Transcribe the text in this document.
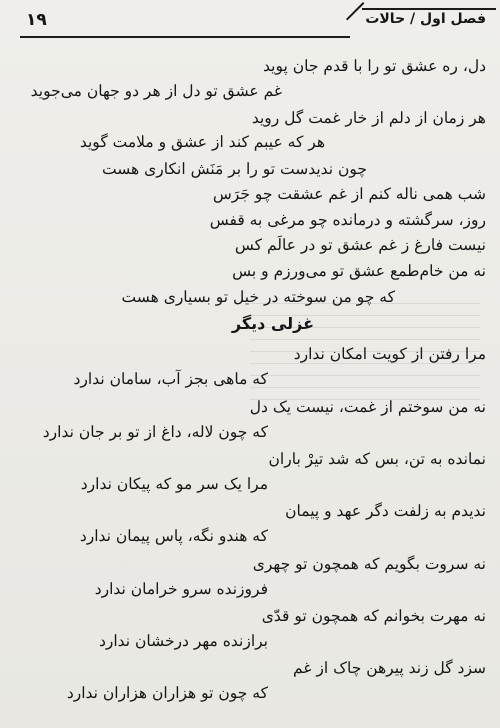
۱۹	فصل اول / حالات
دل، ره عشق تو را با قدم جان پوید
غم عشق تو دل از هر دو جهان می‌جوید
هر زمان از دلم از خار غمت گل روید
هر که عیبم کند از عشق و ملامت گوید
چون ندیدست تو را بر مَنَش انکاری هست
شب همی ناله کنم از غم عشقت چو جَرَس
روز، سرگشته و درمانده چو مرغی به قفس
نیست فارغ ز غم عشق تو در عالَم کس
نه من خام‌طمع عشق تو می‌ورزم و بس
که چو من سوخته در خیل تو بسیاری هست
غزلی دیگر
مرا رفتن از کویت امکان ندارد
که ماهی بجز آب، سامان ندارد
نه من سوختم از غمت، نیست یک دل
که چون لاله، داغ از تو بر جان ندارد
نمانده به تن، بس که شد تیرْ باران
مرا یک سر مو که پیکان ندارد
ندیدم به زلفت دگر عهد و پیمان
که هندو نگه، پاس پیمان ندارد
نه سروت بگویم که همچون تو چهری
فروزنده سرو خرامان ندارد
نه مهرت بخوانم که همچون تو قدّی
برازنده مهر درخشان ندارد
سزد گل زند پیرهن چاک از غم
که چون تو هزاران هزاران ندارد
